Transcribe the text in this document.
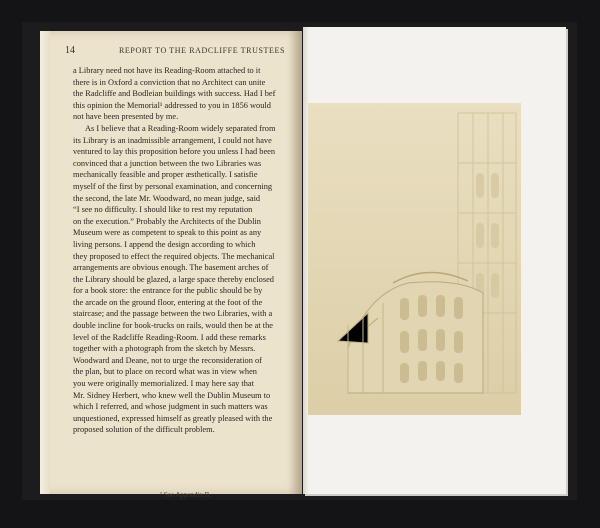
14	REPORT TO THE RADCLIFFE TRUSTEES
a Library need not have its Reading-Room attached to it
there is in Oxford a conviction that no Architect can unite
the Radcliffe and Bodleian buildings with success. Had I bef
this opinion the Memorial¹ addressed to you in 1856 would
not have been presented by me.
As I believe that a Reading-Room widely separated from
its Library is an inadmissible arrangement, I could not have
ventured to lay this proposition before you unless I had been
convinced that a junction between the two Libraries was
mechanically feasible and proper æsthetically. I satisfie
myself of the first by personal examination, and concerning
the second, the late Mr. Woodward, no mean judge, said
“I see no difficulty. I should like to rest my reputation
on the execution.” Probably the Architects of the Dublin
Museum were as competent to speak to this point as any
living persons. I append the design according to which
they proposed to effect the required objects. The mechanical
arrangements are obvious enough. The basement arches of
the Library should be glazed, a large space thereby enclosed
for a book store: the entrance for the public should be by
the arcade on the ground floor, entering at the foot of the
staircase; and the passage between the two Libraries, with a
double incline for book-trucks on rails, would then be at the
level of the Radcliffe Reading-Room. I add these remarks
together with a photograph from the sketch by Messrs.
Woodward and Deane, not to urge the reconsideration of
the plan, but to place on record what was in view when
you were originally memorialized. I may here say that
Mr. Sidney Herbert, who knew well the Dublin Museum to
which I referred, and whose judgment in such matters was
unquestioned, expressed himself as greatly pleased with the
proposed solution of the difficult problem.
¹ See Appendix B.
